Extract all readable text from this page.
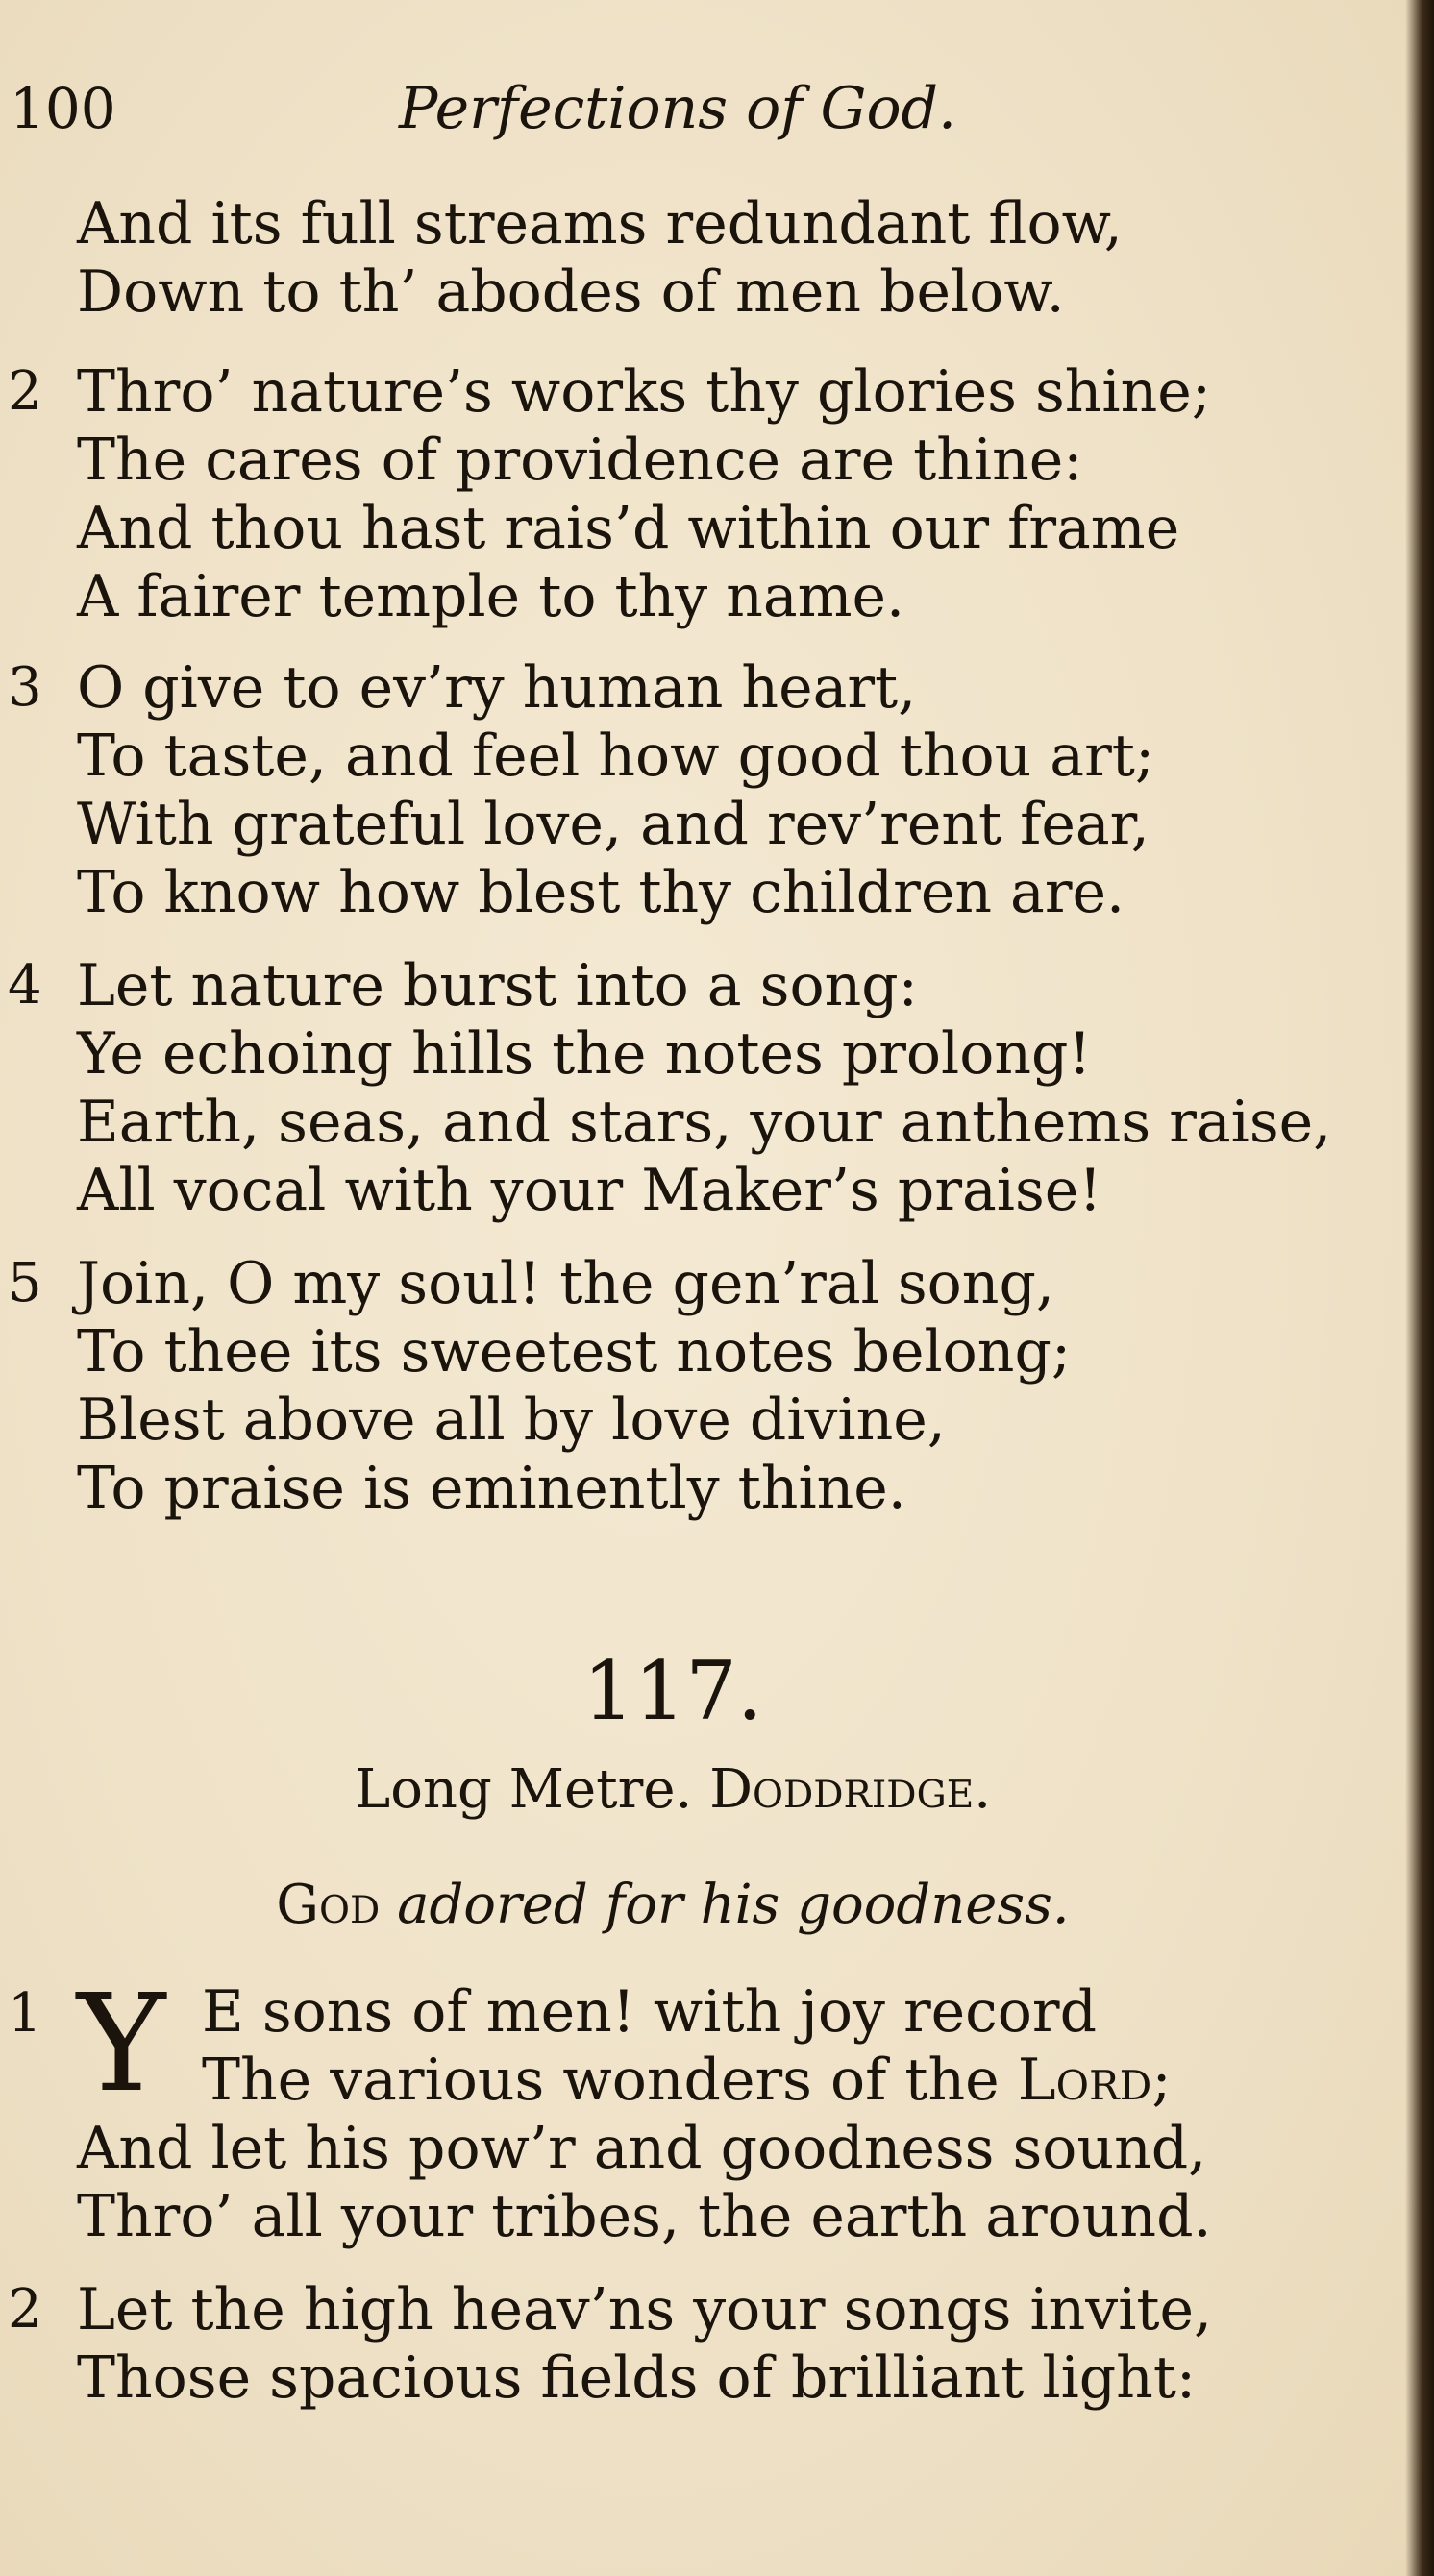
100	Perfections of God.
And its full streams redundant flow,
Down to th’ abodes of men below.
2 Thro’ nature’s works thy glories shine;
The cares of providence are thine:
And thou hast rais’d within our frame
A fairer temple to thy name.
3 O give to ev’ry human heart,
To taste, and feel how good thou art;
With grateful love, and rev’rent fear,
To know how blest thy children are.
4 Let nature burst into a song:
Ye echoing hills the notes prolong!
Earth, seas, and stars, your anthems raise,
All vocal with your Maker’s praise!
5 Join, O my soul! the gen’ral song,
To thee its sweetest notes belong;
Blest above all by love divine,
To praise is eminently thine.
117.
Long Metre. Doddridge.
God adored for his goodness.
1 Y E sons of men! with joy record
The various wonders of the Lord;
And let his pow’r and goodness sound,
Thro’ all your tribes, the earth around.
2 Let the high heav’ns your songs invite,
Those spacious fields of brilliant light:
